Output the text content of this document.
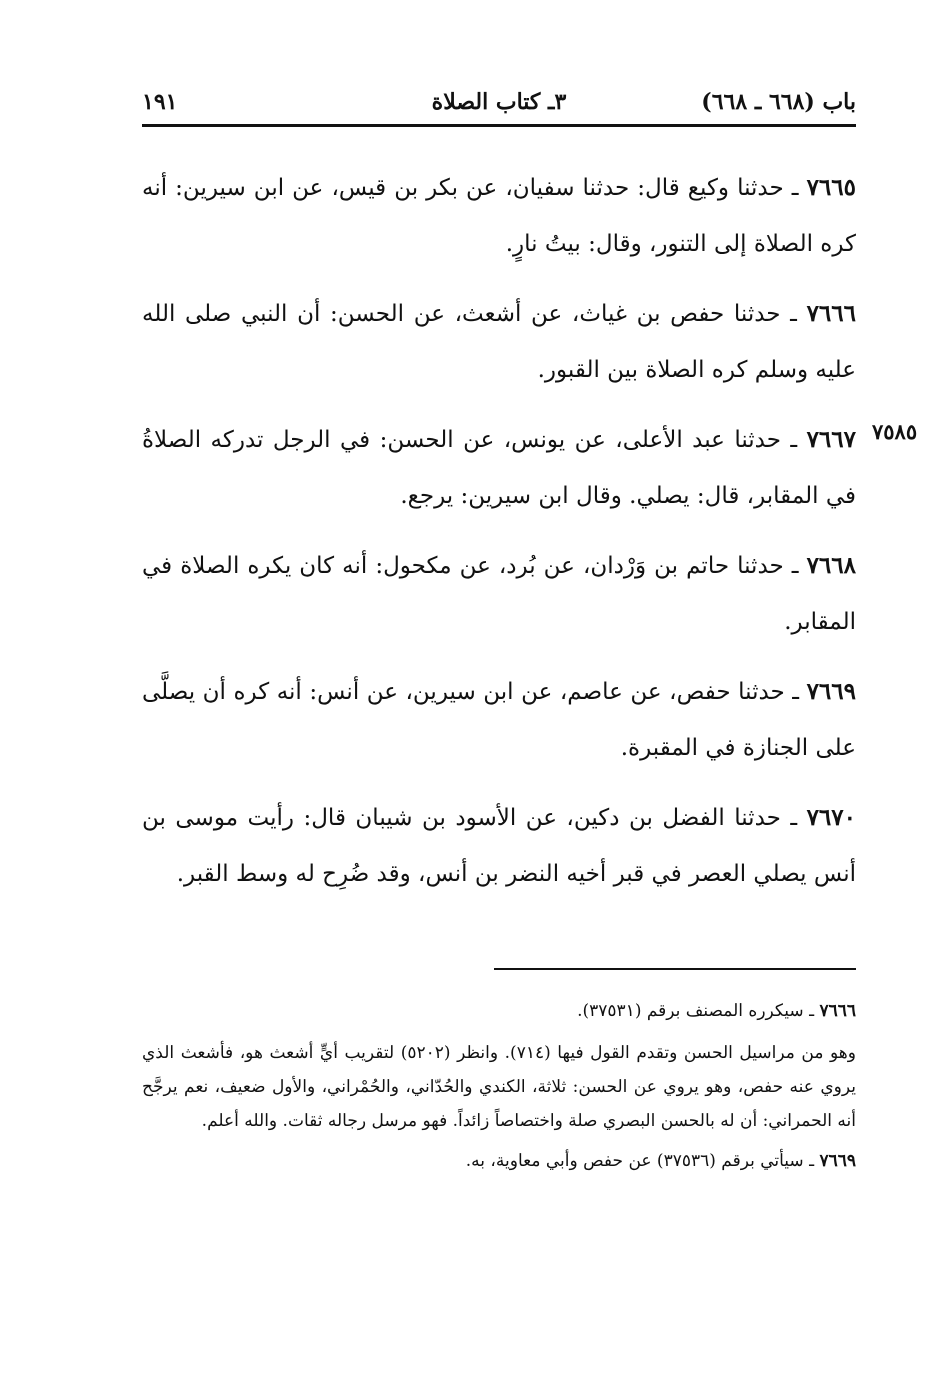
باب (٦٦٨ ـ ٦٦٨)
٣ـ كتاب الصلاة
١٩١
٧٥٨٥

٧٦٦٥ ـ حدثنا وكيع قال: حدثنا سفيان، عن بكر بن قيس، عن ابن سيرين: أنه كره الصلاة إلى التنور، وقال: بيتُ نارٍ.

٧٦٦٦ ـ حدثنا حفص بن غياث، عن أشعث، عن الحسن: أن النبي صلى الله عليه وسلم كره الصلاة بين القبور.

٧٦٦٧ ـ حدثنا عبد الأعلى، عن يونس، عن الحسن: في الرجل تدركه الصلاةُ في المقابر، قال: يصلي. وقال ابن سيرين: يرجع.

٧٦٦٨ ـ حدثنا حاتم بن وَرْدان، عن بُرد، عن مكحول: أنه كان يكره الصلاة في المقابر.

٧٦٦٩ ـ حدثنا حفص، عن عاصم، عن ابن سيرين، عن أنس: أنه كره أن يصلَّى على الجنازة في المقبرة.

٧٦٧٠ ـ حدثنا الفضل بن دكين، عن الأسود بن شيبان قال: رأيت موسى بن أنس يصلي العصر في قبر أخيه النضر بن أنس، وقد ضُرِح له وسط القبر.

٧٦٦٦ ـ سيكرره المصنف برقم (٣٧٥٣١).

وهو من مراسيل الحسن وتقدم القول فيها (٧١٤). وانظر (٥٢٠٢) لتقريب أيٍّ أشعث هو، فأشعث الذي يروي عنه حفص، وهو يروي عن الحسن: ثلاثة، الكندي والحُدّاني، والحُمْراني، والأول ضعيف، نعم يرجَّح أنه الحمراني: أن له بالحسن البصري صلة واختصاصاً زائداً. فهو مرسل رجاله ثقات. والله أعلم.

٧٦٦٩ ـ سيأتي برقم (٣٧٥٣٦) عن حفص وأبي معاوية، به.
